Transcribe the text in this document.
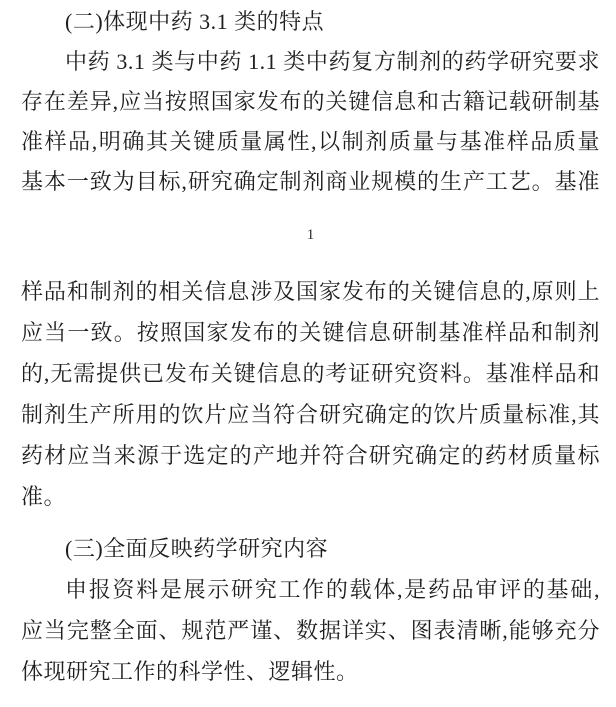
(二)体现中药 3.1 类的特点
中药 3.1 类与中药 1.1 类中药复方制剂的药学研究要求
存在差异,应当按照国家发布的关键信息和古籍记载研制基
准样品,明确其关键质量属性,以制剂质量与基准样品质量
基本一致为目标,研究确定制剂商业规模的生产工艺。基准
1
样品和制剂的相关信息涉及国家发布的关键信息的,原则上
应当一致。按照国家发布的关键信息研制基准样品和制剂
的,无需提供已发布关键信息的考证研究资料。基准样品和
制剂生产所用的饮片应当符合研究确定的饮片质量标准,其
药材应当来源于选定的产地并符合研究确定的药材质量标
准。
(三)全面反映药学研究内容
申报资料是展示研究工作的载体,是药品审评的基础,
应当完整全面、规范严谨、数据详实、图表清晰,能够充分
体现研究工作的科学性、逻辑性。
